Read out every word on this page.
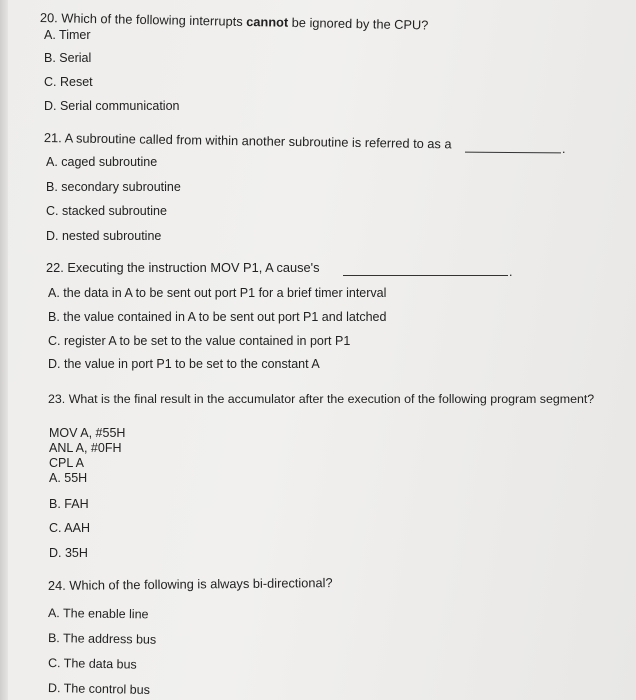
20. Which of the following interrupts cannot be ignored by the CPU?
A. Timer
B. Serial
C. Reset
D. Serial communication
21. A subroutine called from within another subroutine is referred to as a	.
A. caged subroutine
B. secondary subroutine
C. stacked subroutine
D. nested subroutine
22. Executing the instruction MOV P1, A cause's	.
A. the data in A to be sent out port P1 for a brief timer interval
B. the value contained in A to be sent out port P1 and latched
C. register A to be set to the value contained in port P1
D. the value in port P1 to be set to the constant A
23. What is the final result in the accumulator after the execution of the following program segment?
MOV A, #55H
ANL A, #0FH
CPL A
A. 55H
B. FAH
C. AAH
D. 35H
24. Which of the following is always bi-directional?
A. The enable line
B. The address bus
C. The data bus
D. The control bus
